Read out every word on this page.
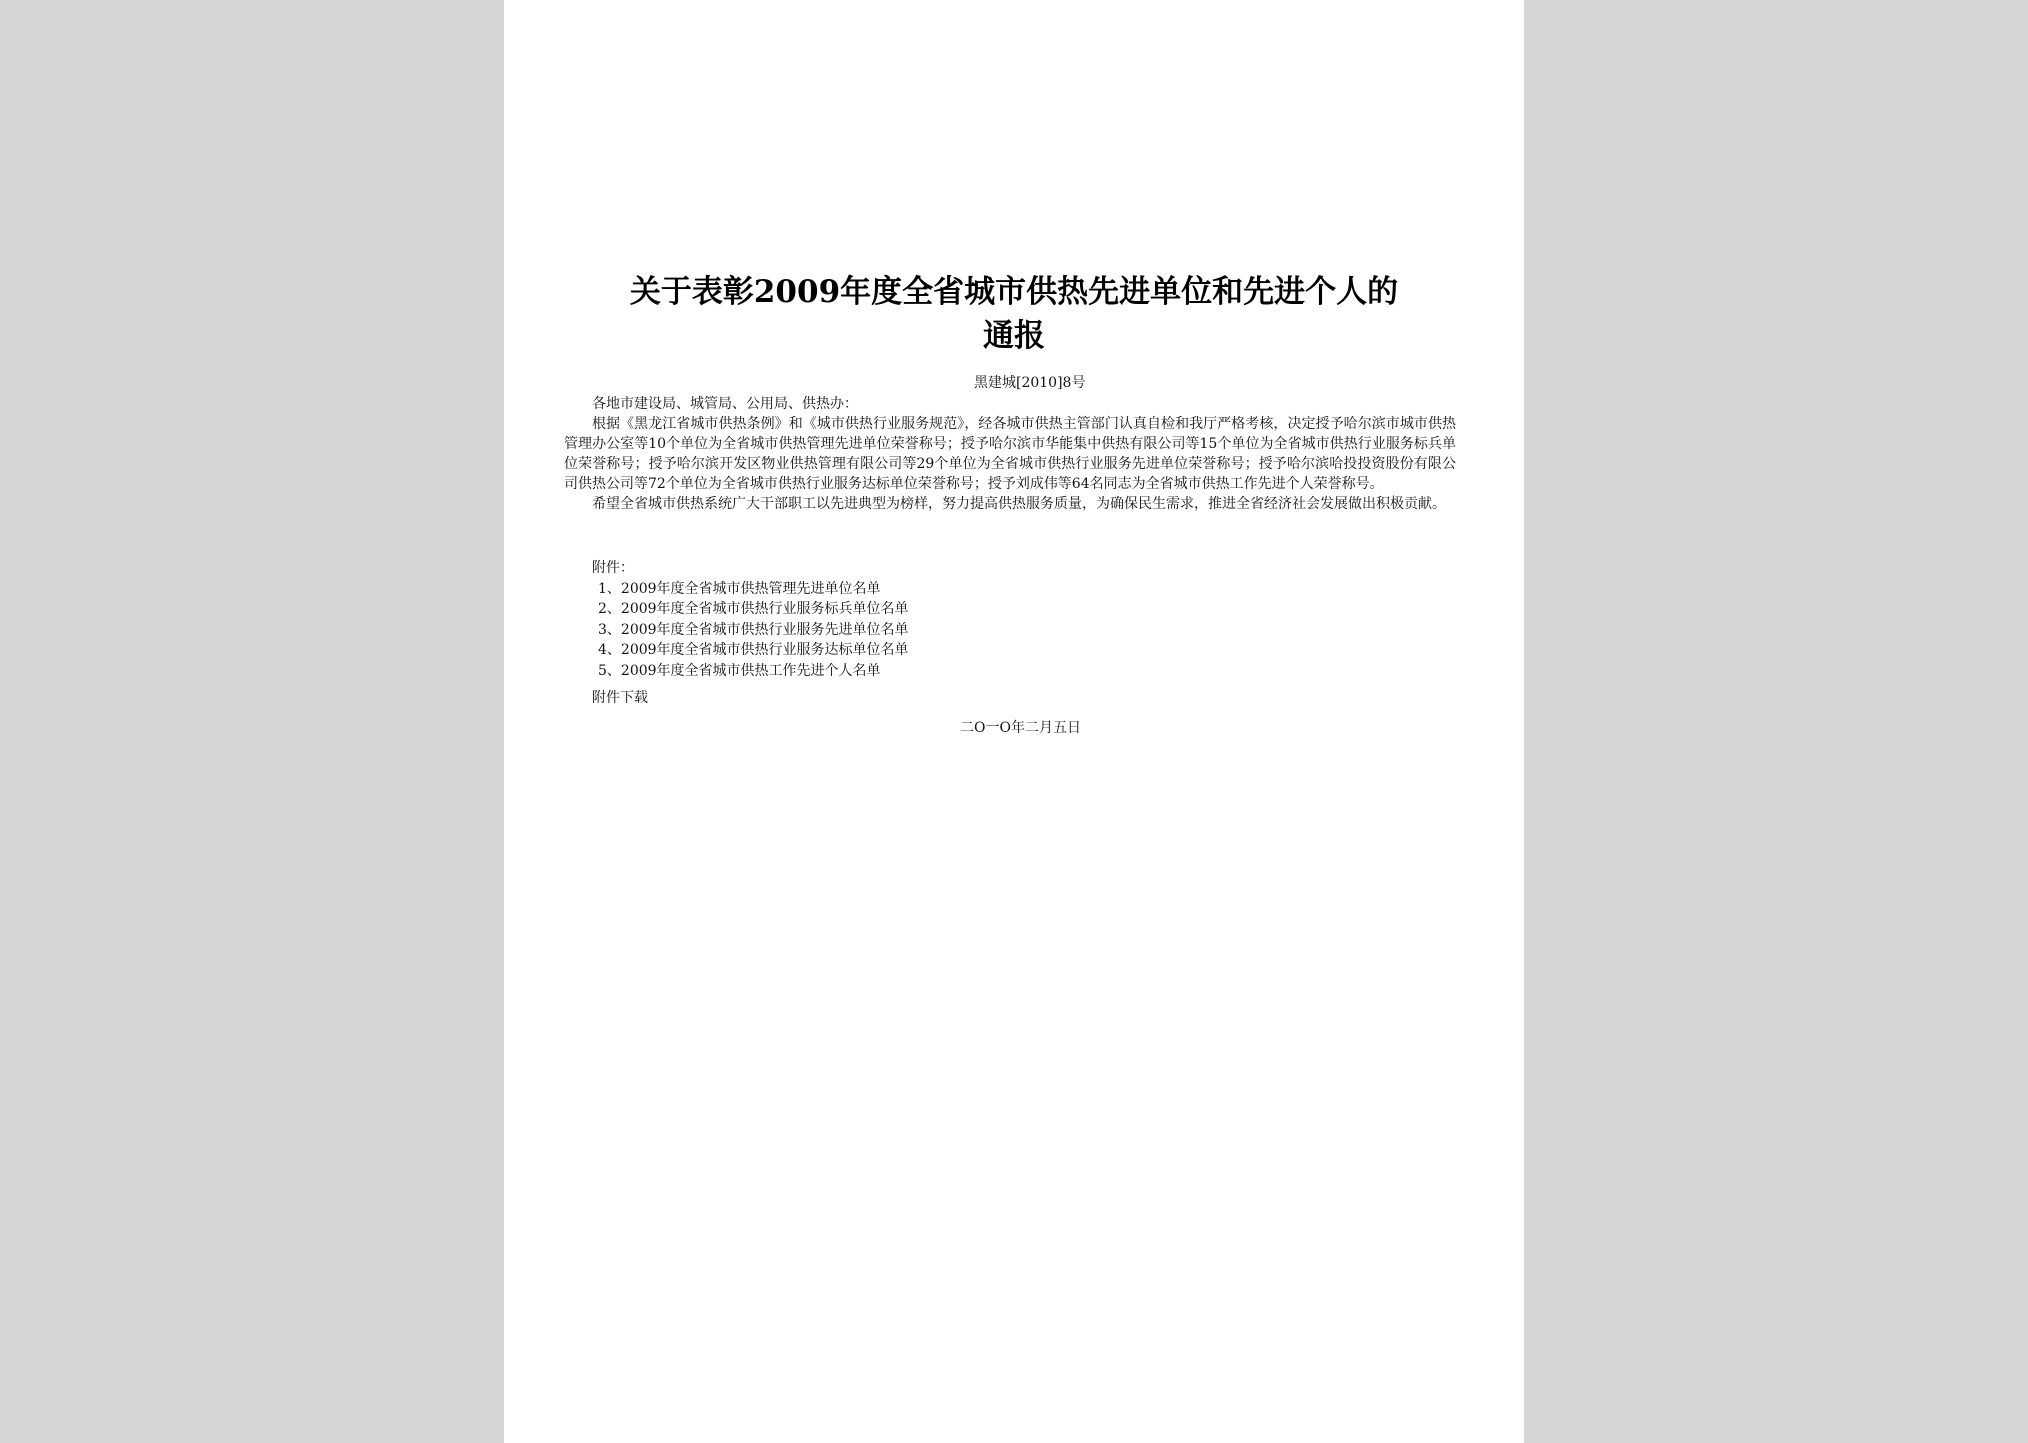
关于表彰2009年度全省城市供热先进单位和先进个人的
通报
黑建城[2010]8号

各地市建设局、城管局、公用局、供热办：

根据《黑龙江省城市供热条例》和《城市供热行业服务规范》，经各城市供热主管部门认真自检和我厅严格考核，决定授予哈尔滨市城市供热管理办公室等10个单位为全省城市供热管理先进单位荣誉称号；授予哈尔滨市华能集中供热有限公司等15个单位为全省城市供热行业服务标兵单位荣誉称号；授予哈尔滨开发区物业供热管理有限公司等29个单位为全省城市供热行业服务先进单位荣誉称号；授予哈尔滨哈投投资股份有限公司供热公司等72个单位为全省城市供热行业服务达标单位荣誉称号；授予刘成伟等64名同志为全省城市供热工作先进个人荣誉称号。

希望全省城市供热系统广大干部职工以先进典型为榜样，努力提高供热服务质量，为确保民生需求，推进全省经济社会发展做出积极贡献。

附件：

1、2009年度全省城市供热管理先进单位名单

2、2009年度全省城市供热行业服务标兵单位名单

3、2009年度全省城市供热行业服务先进单位名单

4、2009年度全省城市供热行业服务达标单位名单

5、2009年度全省城市供热工作先进个人名单

附件下载
二O一O年二月五日
